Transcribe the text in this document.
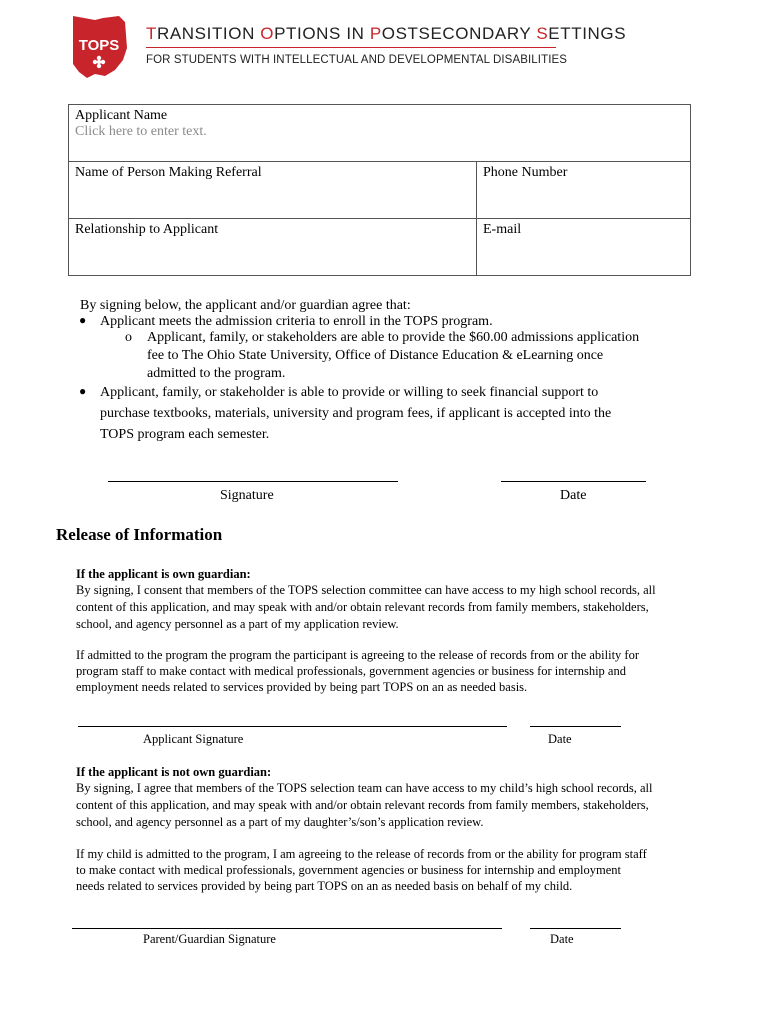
TOPS
TRANSITION OPTIONS IN POSTSECONDARY SETTINGS
FOR STUDENTS WITH INTELLECTUAL AND DEVELOPMENTAL DISABILITIES
Applicant Name
Click here to enter text.	

Name of Person Making Referral	Phone Number

Relationship to Applicant	E-mail
By signing below, the applicant and/or guardian agree that:
● Applicant meets the admission criteria to enroll in the TOPS program.
o Applicant, family, or stakeholders are able to provide the $60.00 admissions application
fee to The Ohio State University, Office of Distance Education & eLearning once
admitted to the program.
● Applicant, family, or stakeholder is able to provide or willing to seek financial support to
purchase textbooks, materials, university and program fees, if applicant is accepted into the
TOPS program each semester.
Signature	Date
Release of Information
If the applicant is own guardian:
By signing, I consent that members of the TOPS selection committee can have access to my high school records, all
content of this application, and may speak with and/or obtain relevant records from family members, stakeholders,
school, and agency personnel as a part of my application review.
If admitted to the program the program the participant is agreeing to the release of records from or the ability for
program staff to make contact with medical professionals, government agencies or business for internship and
employment needs related to services provided by being part TOPS on an as needed basis.
Applicant Signature	Date
If the applicant is not own guardian:
By signing, I agree that members of the TOPS selection team can have access to my child’s high school records, all
content of this application, and may speak with and/or obtain relevant records from family members, stakeholders,
school, and agency personnel as a part of my daughter’s/son’s application review.
If my child is admitted to the program, I am agreeing to the release of records from or the ability for program staff
to make contact with medical professionals, government agencies or business for internship and employment
needs related to services provided by being part TOPS on an as needed basis on behalf of my child.
Parent/Guardian Signature	Date
